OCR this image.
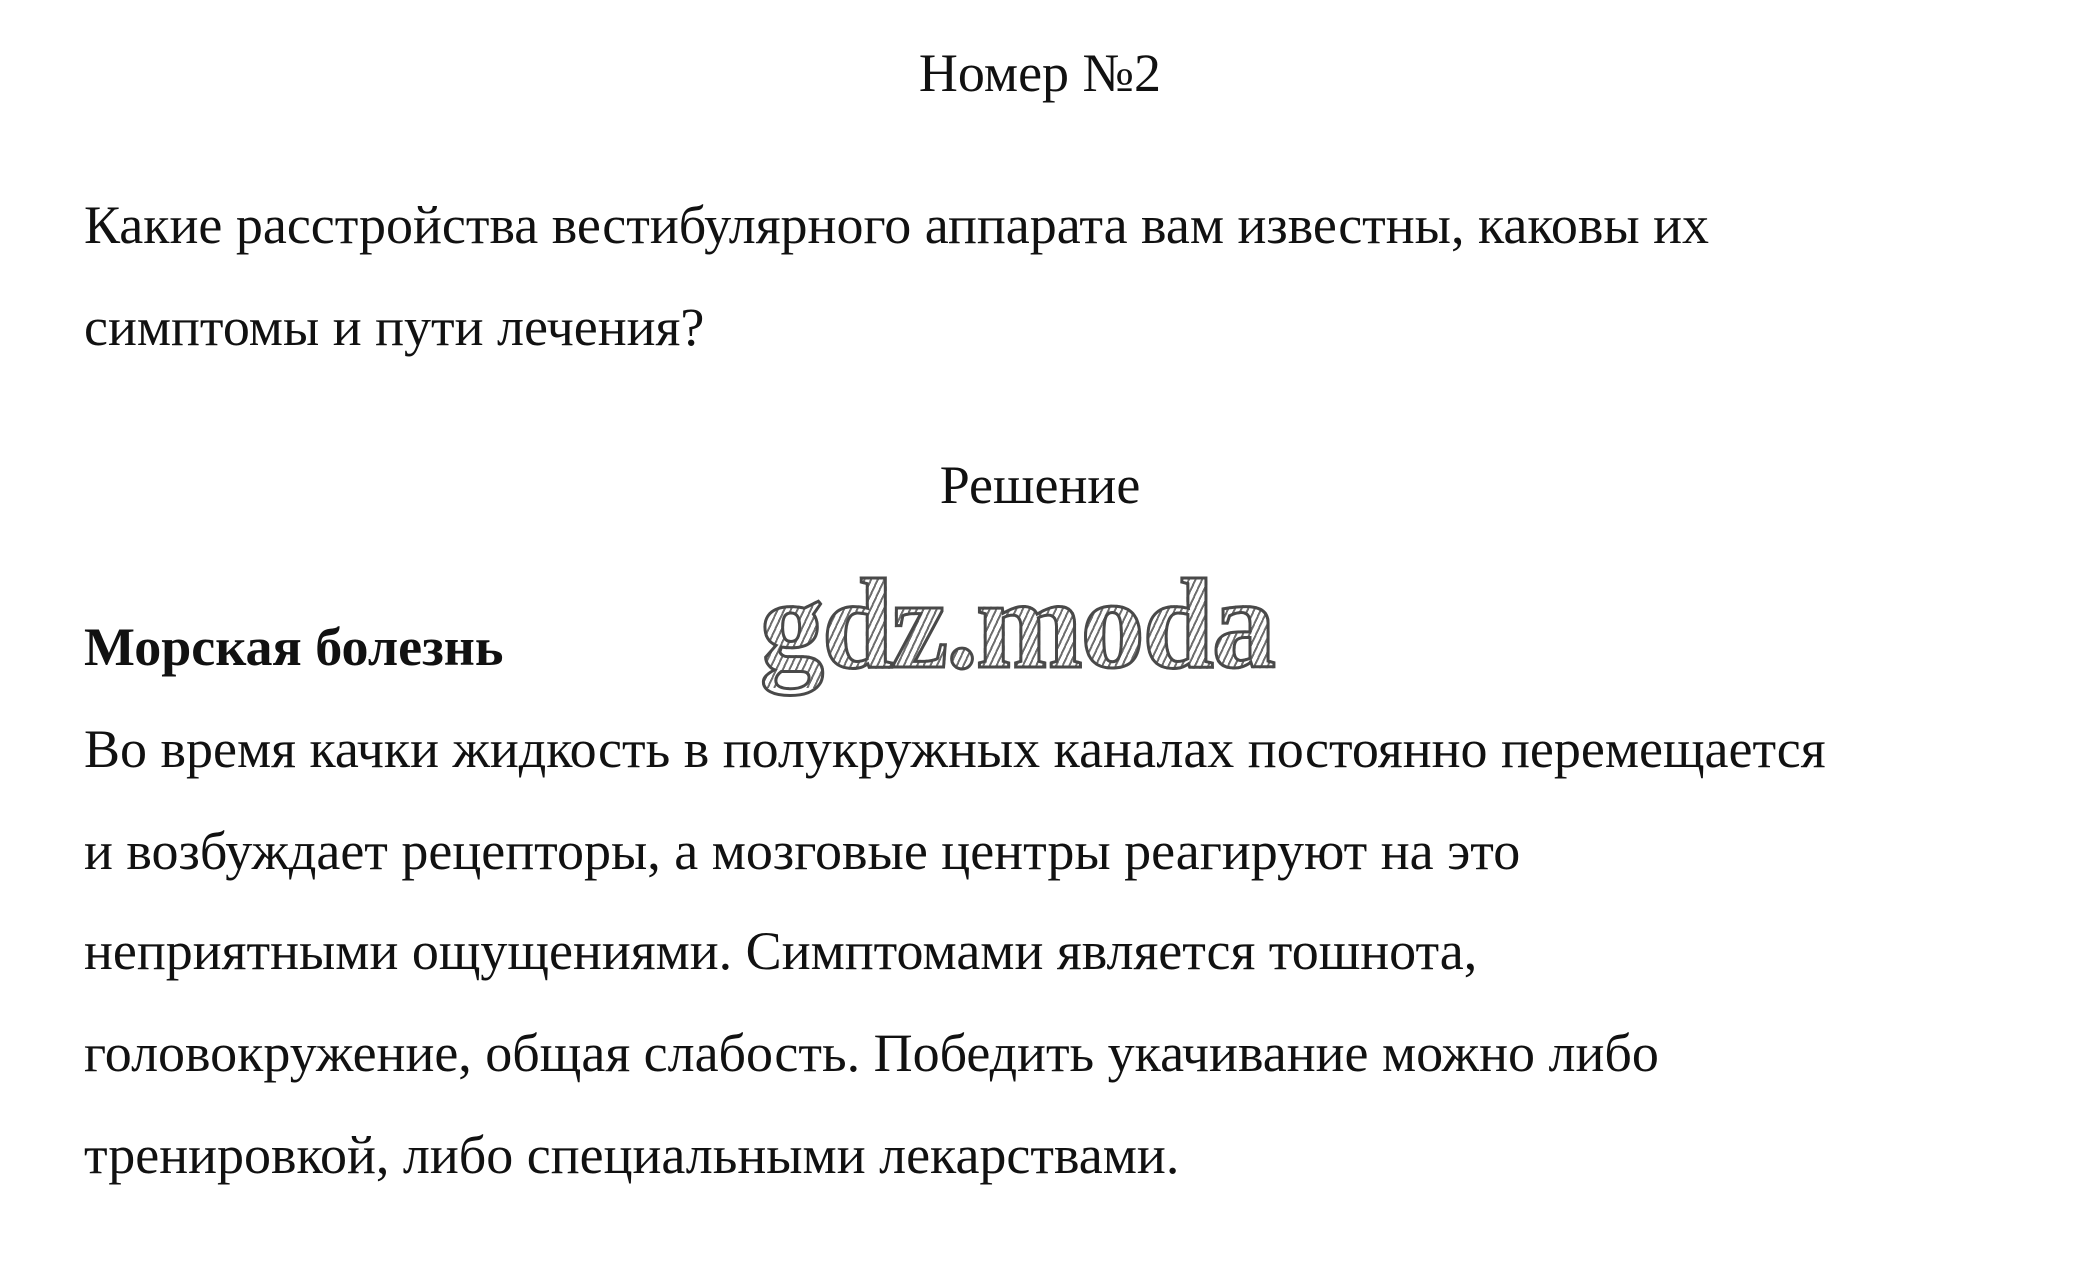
Номер №2
Какие расстройства вестибулярного аппарата вам известны, каковы их
симптомы и пути лечения?
Решение
gdz.moda
Морская болезнь
Во время качки жидкость в полукружных каналах постоянно перемещается
и возбуждает рецепторы, а мозговые центры реагируют на это
неприятными ощущениями. Симптомами является тошнота,
головокружение, общая слабость. Победить укачивание можно либо
тренировкой, либо специальными лекарствами.
